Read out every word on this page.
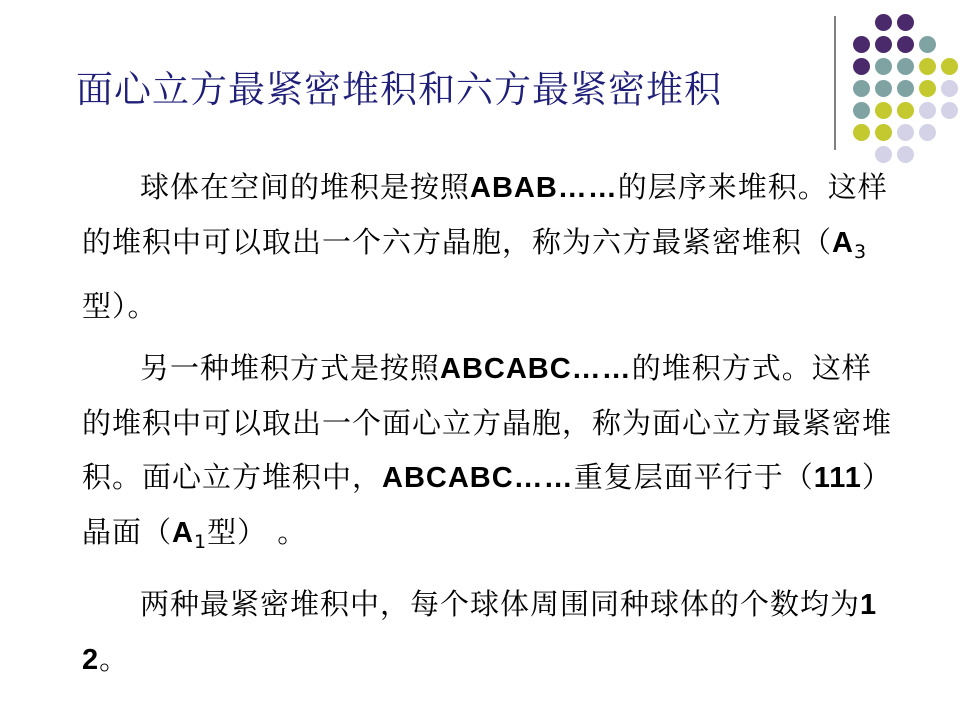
面心立方最紧密堆积和六方最紧密堆积

球体在空间的堆积是按照ABAB……的层序来堆积。这样的堆积中可以取出一个六方晶胞，称为六方最紧密堆积（$A_3$型）。

另一种堆积方式是按照ABCABC……的堆积方式。这样的堆积中可以取出一个面心立方晶胞，称为面心立方最紧密堆积。面心立方堆积中，ABCABC……重复层面平行于（111）晶面（$A_1$型） 。

两种最紧密堆积中，每个球体周围同种球体的个数均为12。
